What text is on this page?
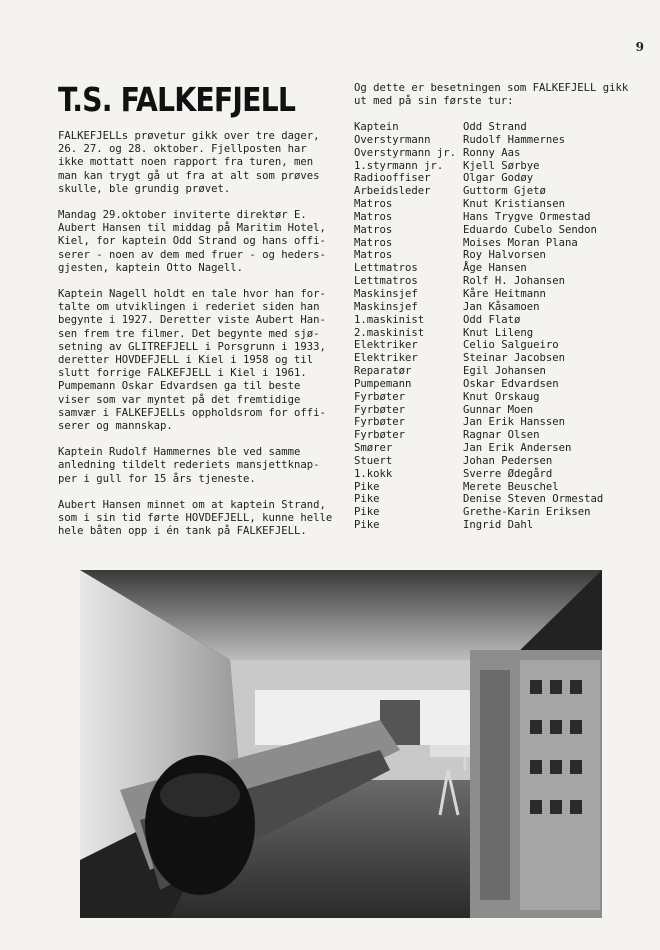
9
T.S. FALKEFJELL

FALKEFJELLs prøvetur gikk over tre dager,
26. 27. og 28. oktober. Fjellposten har
ikke mottatt noen rapport fra turen, men
man kan trygt gå ut fra at alt som prøves
skulle, ble grundig prøvet.

Mandag 29.oktober inviterte direktør E.
Aubert Hansen til middag på Maritim Hotel,
Kiel, for kaptein Odd Strand og hans offi-
serer - noen av dem med fruer - og heders-
gjesten, kaptein Otto Nagell.

Kaptein Nagell holdt en tale hvor han for-
talte om utviklingen i rederiet siden han
begynte i 1927. Deretter viste Aubert Han-
sen frem tre filmer. Det begynte med sjø-
setning av GLITREFJELL i Porsgrunn i 1933,
deretter HOVDEFJELL i Kiel i 1958 og til
slutt forrige FALKEFJELL i Kiel i 1961.
Pumpemann Oskar Edvardsen ga til beste
viser som var myntet på det fremtidige
samvær i FALKEFJELLs oppholdsrom for offi-
serer og mannskap.

Kaptein Rudolf Hammernes ble ved samme
anledning tildelt rederiets mansjettknap-
per i gull for 15 års tjeneste.

Aubert Hansen minnet om at kaptein Strand,
som i sin tid førte HOVDEFJELL, kunne helle
hele båten opp i én tank på FALKEFJELL.

Og dette er besetningen som FALKEFJELL gikk
ut med på sin første tur:

Kaptein	Odd Strand
Overstyrmann	Rudolf Hammernes
Overstyrmann jr.	Ronny Aas
1.styrmann jr.	Kjell Sørbye
Radiooffiser	Olgar Godøy
Arbeidsleder	Guttorm Gjetø
Matros	Knut Kristiansen
Matros	Hans Trygve Ormestad
Matros	Eduardo Cubelo Sendon
Matros	Moises Moran Plana
Matros	Roy Halvorsen
Lettmatros	Åge Hansen
Lettmatros	Rolf H. Johansen
Maskinsjef	Kåre Heitmann
Maskinsjef	Jan Kåsamoen
1.maskinist	Odd Flatø
2.maskinist	Knut Lileng
Elektriker	Celio Salgueiro
Elektriker	Steinar Jacobsen
Reparatør	Egil Johansen
Pumpemann	Oskar Edvardsen
Fyrbøter	Knut Orskaug
Fyrbøter	Gunnar Moen
Fyrbøter	Jan Erik Hanssen
Fyrbøter	Ragnar Olsen
Smører	Jan Erik Andersen
Stuert	Johan Pedersen
1.kokk	Sverre Ødegård
Pike	Merete Beuschel
Pike	Denise Steven Ormestad
Pike	Grethe-Karin Eriksen
Pike	Ingrid Dahl
